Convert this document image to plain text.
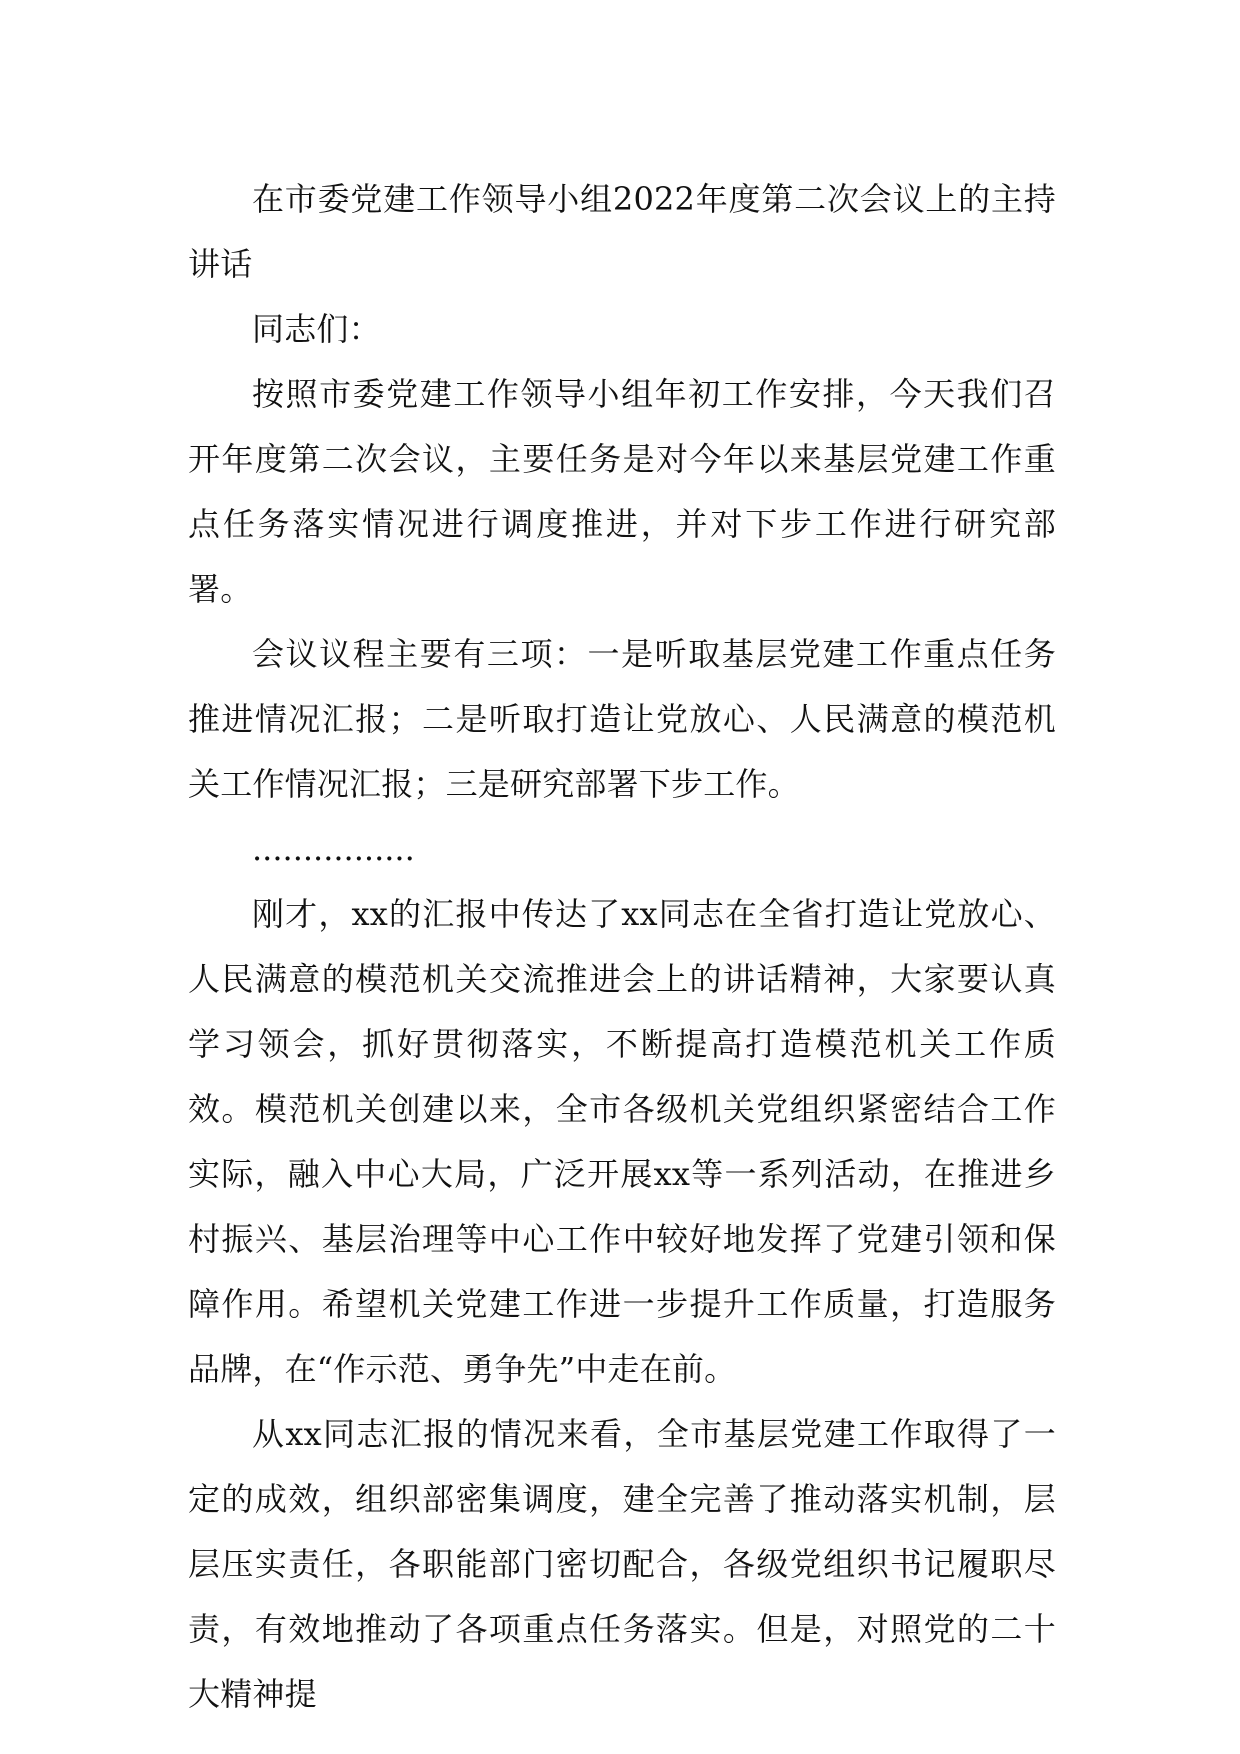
在市委党建工作领导小组2022年度第二次会议上的主持讲话

同志们：

按照市委党建工作领导小组年初工作安排，今天我们召开年度第二次会议，主要任务是对今年以来基层党建工作重点任务落实情况进行调度推进，并对下步工作进行研究部署。

会议议程主要有三项：一是听取基层党建工作重点任务推进情况汇报；二是听取打造让党放心、人民满意的模范机关工作情况汇报；三是研究部署下步工作。

................

刚才，xx的汇报中传达了xx同志在全省打造让党放心、人民满意的模范机关交流推进会上的讲话精神，大家要认真学习领会，抓好贯彻落实，不断提高打造模范机关工作质效。模范机关创建以来，全市各级机关党组织紧密结合工作实际，融入中心大局，广泛开展xx等一系列活动，在推进乡村振兴、基层治理等中心工作中较好地发挥了党建引领和保障作用。希望机关党建工作进一步提升工作质量，打造服务品牌，在“作示范、勇争先”中走在前。

从xx同志汇报的情况来看，全市基层党建工作取得了一定的成效，组织部密集调度，建全完善了推动落实机制，层层压实责任，各职能部门密切配合，各级党组织书记履职尽责，有效地推动了各项重点任务落实。但是，对照党的二十大精神提
